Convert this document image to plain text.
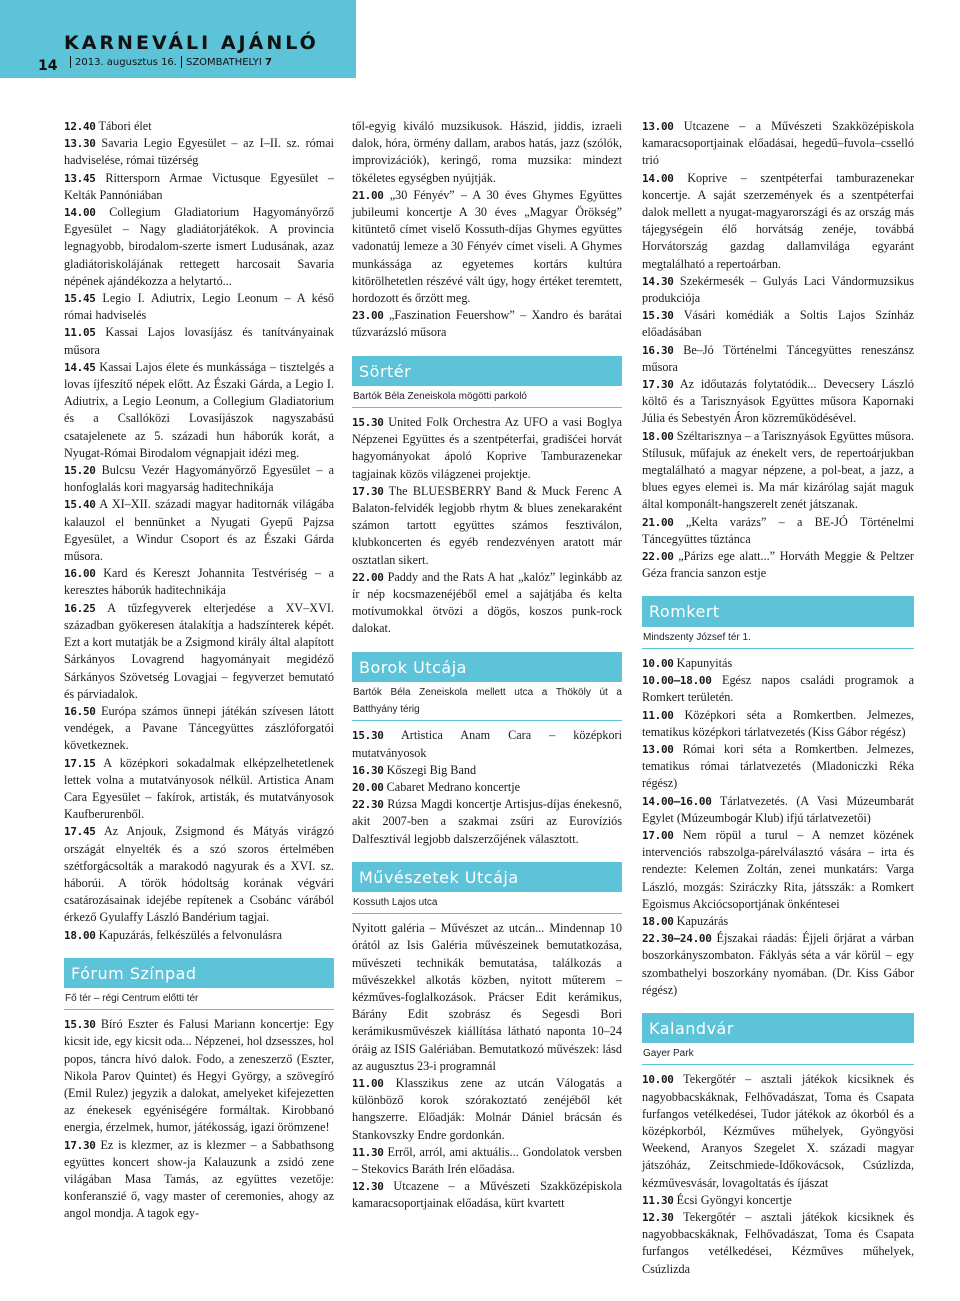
KARNEVÁLI AJÁNLÓ
14 2013. augusztus 16. SZOMBATHELYI
7

12.40 Tábori élet

13.30 Savaria Legio Egyesület – az I–II. sz. római hadviselése, római tüzérség

13.45 Rittersporn Armae Victusque Egyesület – Kelták Pannóniában

14.00 Collegium Gladiatorium Hagyományőrző Egyesület – Nagy gladiátorjátékok. A provincia legnagyobb, birodalom-szerte ismert Ludusának, azaz gladiátoriskolájának rettegett harcosait Savaria népének ajándékozza a helytartó...

15.45 Legio I. Adiutrix, Legio Leonum – A késő római hadviselés

11.05 Kassai Lajos lovasíjász és tanítványainak műsora

14.45 Kassai Lajos élete és munkássága – tisztelgés a lovas íjfeszítő népek előtt. Az Északi Gárda, a Legio I. Adiutrix, a Legio Leonum, a Collegium Gladiatorium és a Csallóközi Lovasíjászok nagyszabású csatajelenete az 5. századi hun háborúk korát, a Nyugat-Római Birodalom végnapjait idézi meg.

15.20 Bulcsu Vezér Hagyományőrző Egyesület – a honfoglalás kori magyarság haditechnikája

15.40 A XI–XII. századi magyar haditornák világába kalauzol el bennünket a Nyugati Gyepű Pajzsa Egyesület, a Windur Csoport és az Északi Gárda műsora.

16.00 Kard és Kereszt Johannita Testvériség – a keresztes háborúk haditechnikája

16.25 A tűzfegyverek elterjedése a XV–XVI. században gyökeresen átalakítja a hadszínterek képét. Ezt a kort mutatják be a Zsigmond király által alapított Sárkányos Lovagrend hagyományait megidéző Sárkányos Szövetség Lovagjai – fegyverzet bemutató és párviadalok.

16.50 Európa számos ünnepi játékán szívesen látott vendégek, a Pavane Táncegyüttes zászlóforgatói következnek.

17.15 A középkori sokadalmak elképzelhetetlenek lettek volna a mutatványosok nélkül. Artistica Anam Cara Egyesület – fakírok, artisták, és mutatványosok Kaufberurenből.

17.45 Az Anjouk, Zsigmond és Mátyás virágzó országát elnyelték és a szó szoros értelmében szétforgácsolták a marakodó nagyurak és a XVI. sz. háborúi. A török hódoltság korának végvári csatározásainak idejébe repítenek a Csobánc várából érkező Gyulaffy László Bandérium tagjai.

18.00 Kapuzárás, felkészülés a felvonulásra

Fórum Színpad
Fő tér – régi Centrum előtti tér

15.30 Bíró Eszter és Falusi Mariann koncertje: Egy kicsit ide, egy kicsit oda... Népzenei, hol dzsesszes, hol popos, táncra hívó dalok. Fodo, a zeneszerző (Eszter, Nikola Parov Quintet) és Hegyi György, a szövegíró (Emil Rulez) jegyzik a dalokat, amelyeket kifejezetten az énekesek egyéniségére formáltak. Kirobbanó energia, érzelmek, humor, játékosság, igazi örömzene!

17.30 Ez is klezmer, az is klezmer – a Sabbathsong együttes koncert show-ja Kalauzunk a zsidó zene világában Masa Tamás, az együttes vezetője: konferanszié ő, vagy master of ceremonies, ahogy az angol mondja. A tagok egy-

től-egyig kiváló muzsikusok. Hászid, jiddis, izraeli dalok, hóra, örmény dallam, arabos hatás, jazz (szólók, improvizációk), keringő, roma muzsika: mindezt tökéletes egységben nyújtják.

21.00 „30 Fényév” – A 30 éves Ghymes Együttes jubileumi koncertje A 30 éves „Magyar Örökség” kitüntető címet viselő Kossuth-díjas Ghymes együttes vadonatúj lemeze a 30 Fényév címet viseli. A Ghymes munkássága az egyetemes kortárs kultúra kitörölhetetlen részévé vált úgy, hogy értéket teremtett, hordozott és őrzött meg.

23.00 „Faszination Feuershow” – Xandro és barátai tűzvarázsló műsora

Sörtér
Bartók Béla Zeneiskola mögötti parkoló

15.30 United Folk Orchestra Az UFO a vasi Boglya Népzenei Együttes és a szentpéterfai, gradišćei horvát hagyományokat ápoló Koprive Tamburazenekar tagjainak közös világzenei projektje.

17.30 The BLUESBERRY Band & Muck Ferenc A Balaton-felvidék legjobb rhytm & blues zenekaraként számon tartott együttes számos fesztiválon, klubkoncerten és egyéb rendezvényen aratott már osztatlan sikert.

22.00 Paddy and the Rats A hat „kalóz” leginkább az ír nép kocsmazenéjéből emel a sajátjába és kelta motívumokkal ötvözi a dögös, koszos punk-rock dalokat.

Borok Utcája
Bartók Béla Zeneiskola mellett utca a Thököly út a Batthyány térig

15.30 Artistica Anam Cara – középkori mutatványosok

16.30 Kőszegi Big Band

20.00 Cabaret Medrano koncertje

22.30 Rúzsa Magdi koncertje Artisjus-díjas énekesnő, akit 2007-ben a szakmai zsűri az Eurovíziós Dalfesztivál legjobb dalszerzőjének választott.

Művészetek Utcája
Kossuth Lajos utca

Nyitott galéria – Művészet az utcán... Mindennap 10 órától az Isis Galéria művészeinek bemutatkozása, művészeti technikák bemutatása, találkozás a művészekkel alkotás közben, nyitott műterem – kézműves-foglalkozások. Prácser Edit kerámikus, Bárány Edit szobrász és Segesdi Bori kerámikusművészek kiállítása látható naponta 10–24 óráig az ISIS Galériában. Bemutatkozó művészek: lásd az augusztus 23-i programnál

11.00 Klasszikus zene az utcán Válogatás a különböző korok szórakoztató zenéjéből két hangszerre. Előadják: Molnár Dániel brácsán és Stankovszky Endre gordonkán.

11.30 Erről, arról, ami aktuális... Gondolatok versben – Stekovics Baráth Irén előadása.

12.30 Utcazene – a Művészeti Szakközépiskola kamaracsoportjainak előadása, kürt kvartett

13.00 Utcazene – a Művészeti Szakközépiskola kamaracsoportjainak előadásai, hegedű–fuvola–csselló trió

14.00 Koprive – szentpéterfai tamburazenekar koncertje. A saját szerzemények és a szentpéterfai dalok mellett a nyugat-magyarországi és az ország más tájegységein élő horvátság zenéje, továbbá Horvátország gazdag dallamvilága egyaránt megtalálható a repertoárban.

14.30 Szekérmesék – Gulyás Laci Vándormuzsikus produkciója

15.30 Vásári komédiák a Soltis Lajos Színház előadásában

16.30 Be–Jó Történelmi Táncegyüttes reneszánsz műsora

17.30 Az időutazás folytatódik... Devecsery László költő és a Tarisznyások Együttes műsora Kapornaki Júlia és Sebestyén Áron közreműködésével.

18.00 Széltarisznya – a Tarisznyások Együttes műsora. Stílusuk, műfajuk az énekelt vers, de repertoárjukban megtalálható a magyar népzene, a pol-beat, a jazz, a blues egyes elemei is. Ma már kizárólag saját maguk által komponált-hangszerelt zenét játszanak.

21.00 „Kelta varázs” – a BE-JÓ Történelmi Táncegyüttes tűztánca

22.00 „Párizs ege alatt...” Horváth Meggie & Peltzer Géza francia sanzon estje

Romkert
Mindszenty József tér 1.

10.00 Kapunyitás

10.00–18.00 Egész napos családi programok a Romkert területén.

11.00 Középkori séta a Romkertben. Jelmezes, tematikus középkori tárlatvezetés (Kiss Gábor régész)

13.00 Római kori séta a Romkertben. Jelmezes, tematikus római tárlatvezetés (Mladoniczki Réka régész)

14.00–16.00 Tárlatvezetés. (A Vasi Múzeumbarát Egylet (Múzeumbogár Klub) ifjú tárlatvezetői)

17.00 Nem röpül a turul – A nemzet közének intervenciós rabszolga-párelválasztó vására – irta és rendezte: Kelemen Zoltán, zenei munkatárs: Varga László, mozgás: Sziráczky Rita, játsszák: a Romkert Egoismus Akciócsoportjának önkéntesei

18.00 Kapuzárás

22.30–24.00 Éjszakai ráadás: Éjjeli őrjárat a várban boszorkányszombaton. Fáklyás séta a vár körül – egy szombathelyi boszorkány nyomában. (Dr. Kiss Gábor régész)

Kalandvár
Gayer Park

10.00 Tekergőtér – asztali játékok kicsiknek és nagyobbacskáknak, Felhővadászat, Toma és Csapata furfangos vetélkedései, Tudor játékok az ókorból és a középkorból, Kézműves műhelyek, Gyöngyösi Weekend, Aranyos Szegelet X. századi magyar játszóház, Zeitschmiede-Időkovácsok, Csúzlizda, kézművesvásár, lovagoltatás és íjászat

11.30 Écsi Gyöngyi koncertje

12.30 Tekergőtér – asztali játékok kicsiknek és nagyobbacskáknak, Felhővadászat, Toma és Csapata furfangos vetélkedései, Kézműves műhelyek, Csúzlizda
